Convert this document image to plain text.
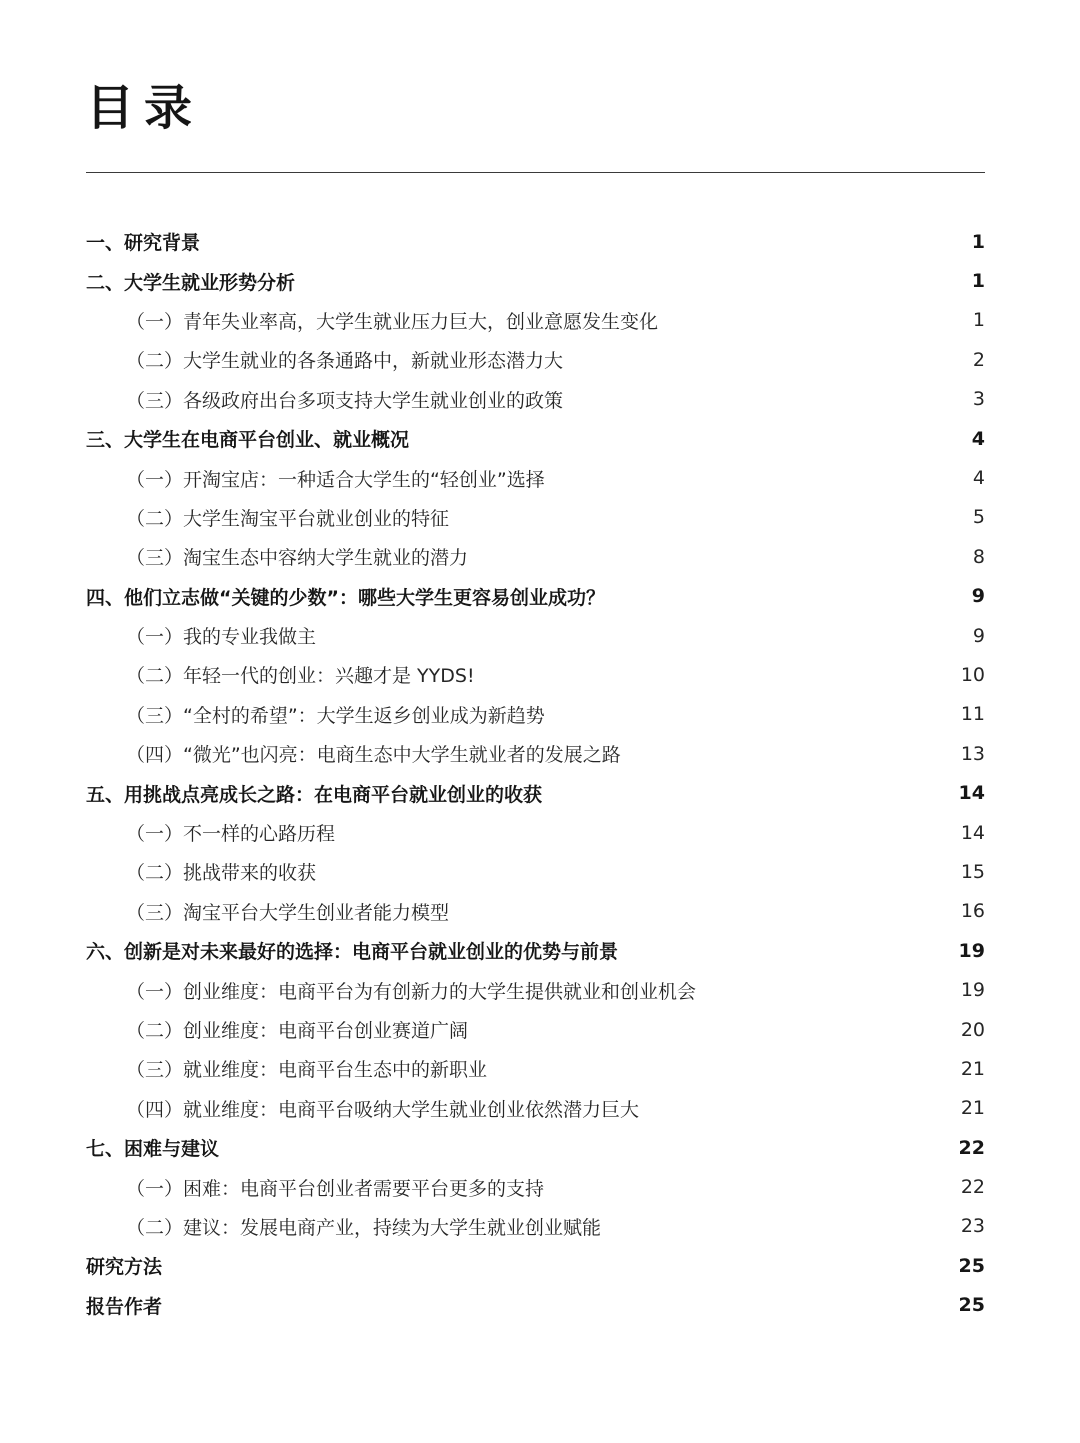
目录
一、研究背景	1
二、大学生就业形势分析	1
（一）青年失业率高，大学生就业压力巨大，创业意愿发生变化	1
（二）大学生就业的各条通路中，新就业形态潜力大	2
（三）各级政府出台多项支持大学生就业创业的政策	3
三、大学生在电商平台创业、就业概况	4
（一）开淘宝店：一种适合大学生的“轻创业”选择	4
（二）大学生淘宝平台就业创业的特征	5
（三）淘宝生态中容纳大学生就业的潜力	8
四、他们立志做“关键的少数”：哪些大学生更容易创业成功？	9
（一）我的专业我做主	9
（二）年轻一代的创业：兴趣才是 YYDS!	10
（三）“全村的希望”：大学生返乡创业成为新趋势	11
（四）“微光”也闪亮：电商生态中大学生就业者的发展之路	13
五、用挑战点亮成长之路：在电商平台就业创业的收获	14
（一）不一样的心路历程	14
（二）挑战带来的收获	15
（三）淘宝平台大学生创业者能力模型	16
六、创新是对未来最好的选择：电商平台就业创业的优势与前景	19
（一）创业维度：电商平台为有创新力的大学生提供就业和创业机会	19
（二）创业维度：电商平台创业赛道广阔	20
（三）就业维度：电商平台生态中的新职业	21
（四）就业维度：电商平台吸纳大学生就业创业依然潜力巨大	21
七、困难与建议	22
（一）困难：电商平台创业者需要平台更多的支持	22
（二）建议：发展电商产业，持续为大学生就业创业赋能	23
研究方法	25
报告作者	25
